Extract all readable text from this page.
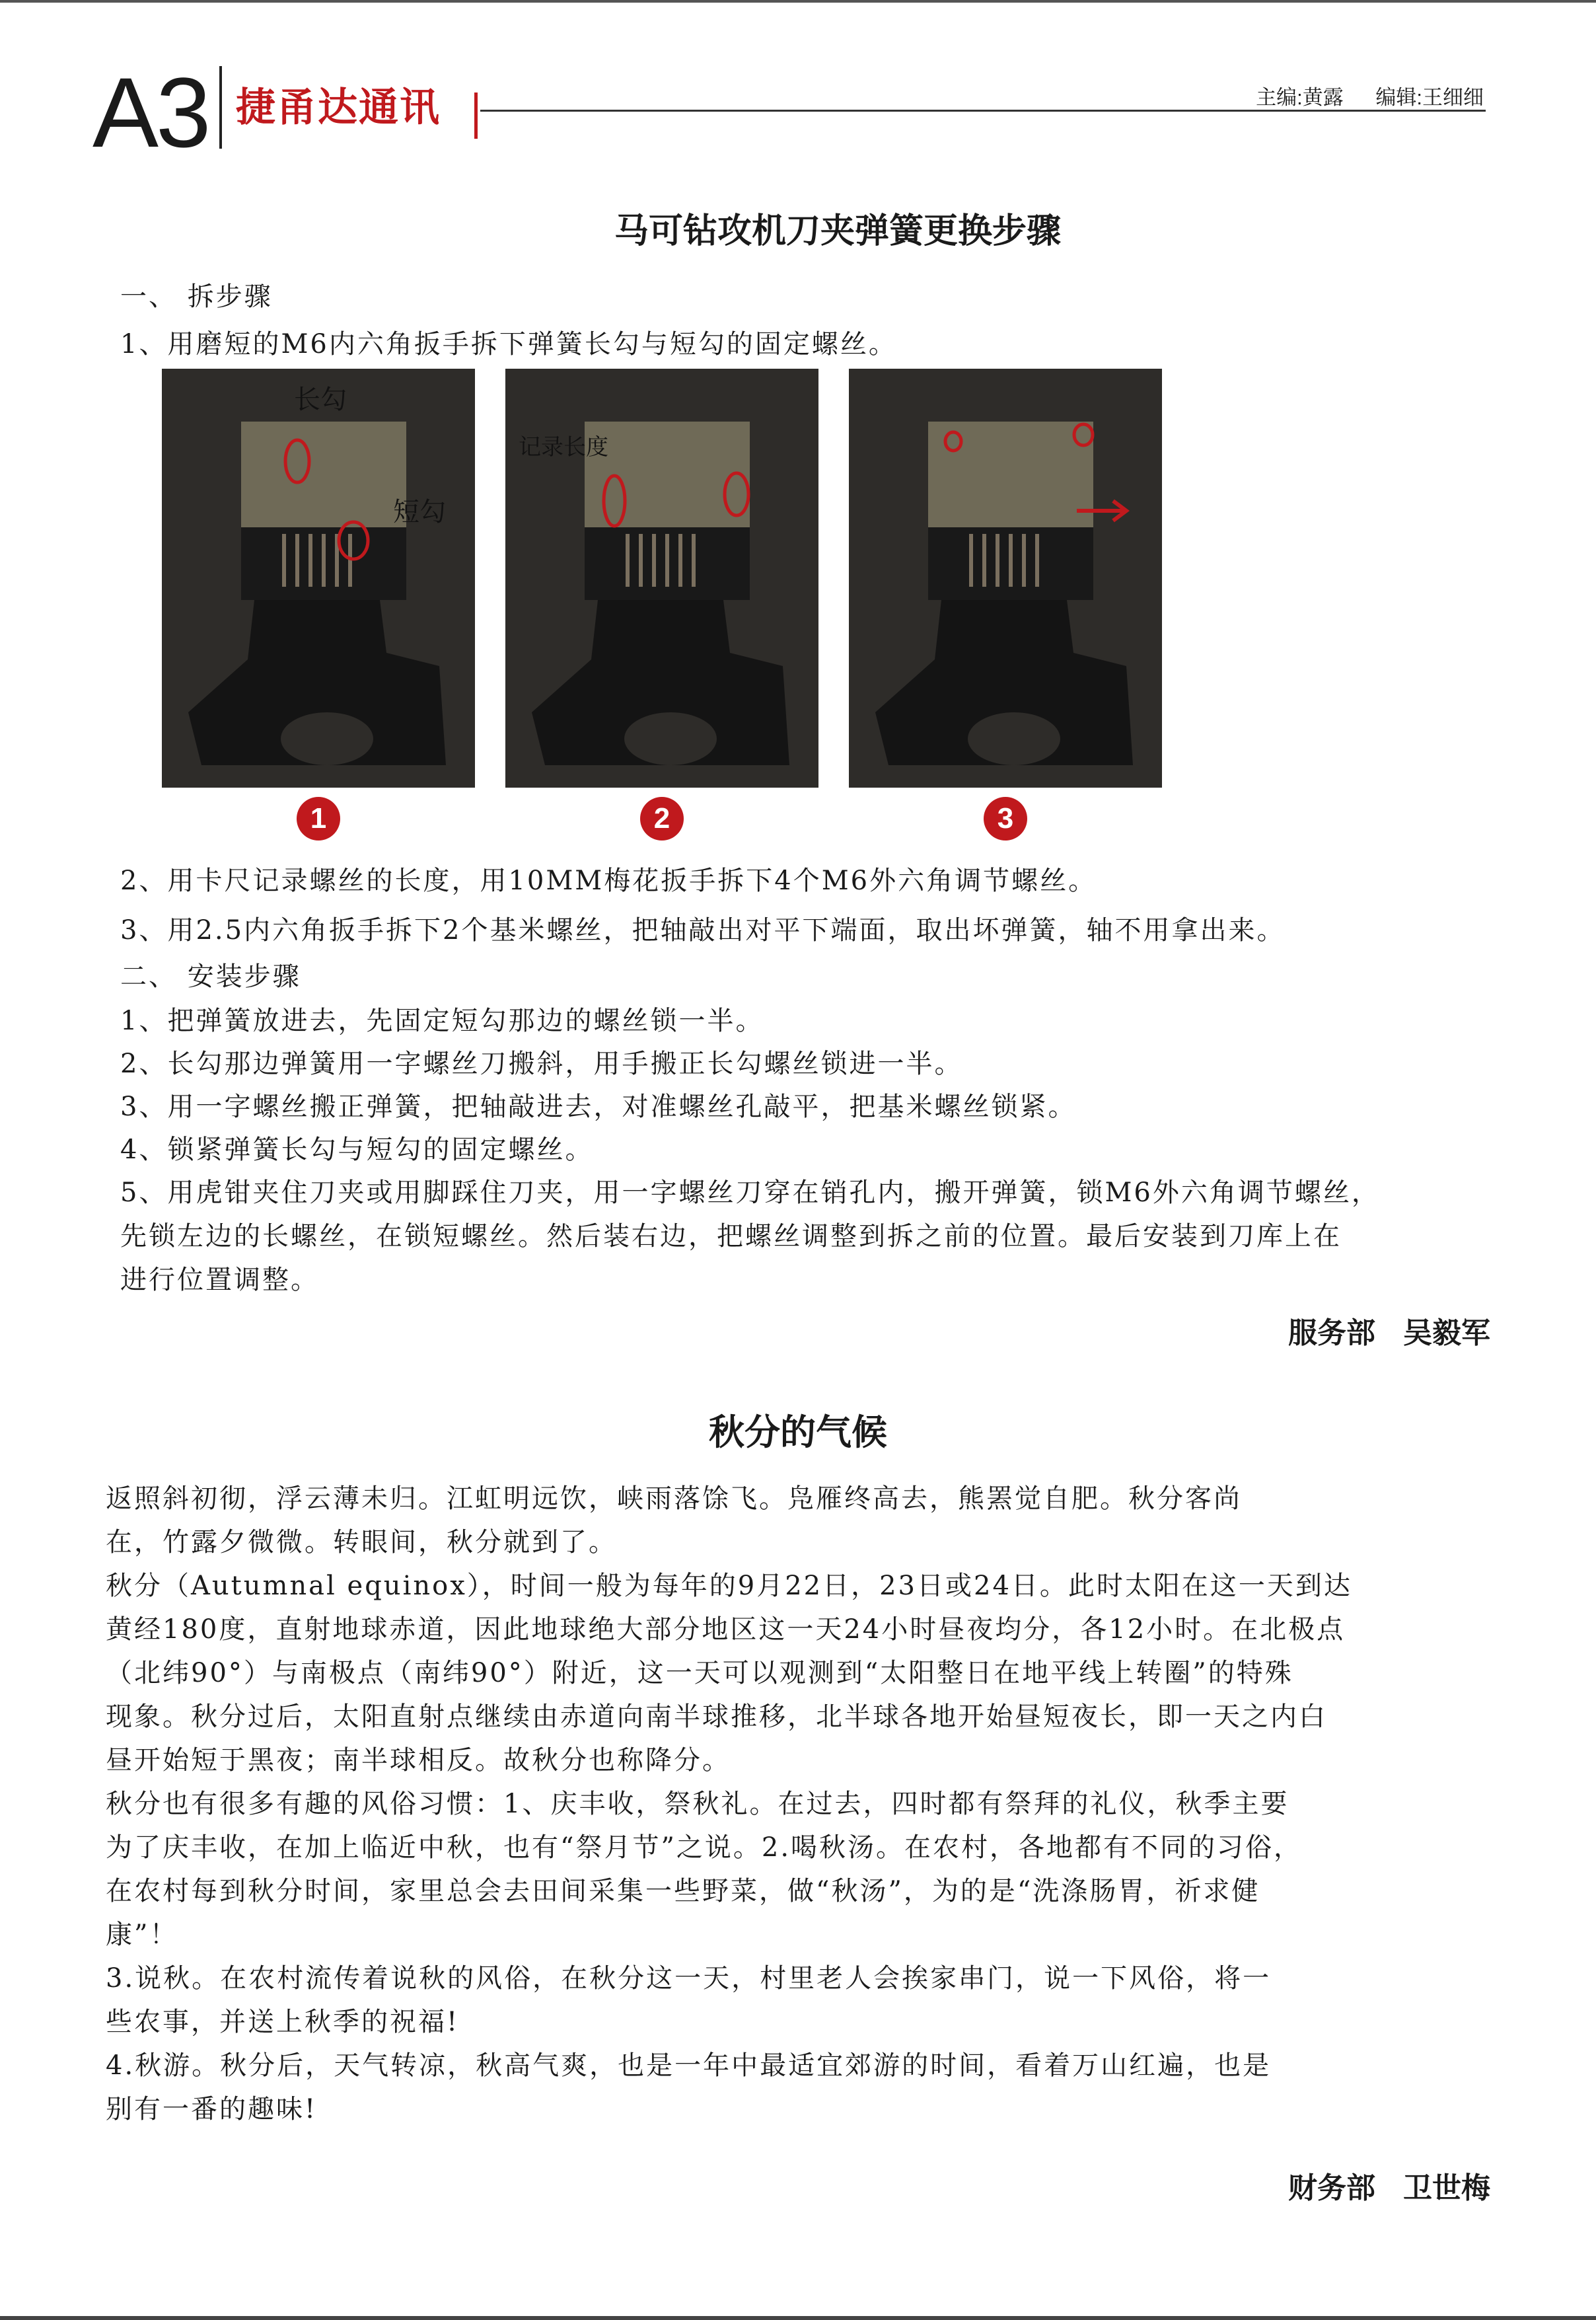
A3 捷甬达通讯	主编:黄露 编辑:王细细
马可钻攻机刀夹弹簧更换步骤
一、 拆步骤
1、用磨短的M6内六角扳手拆下弹簧长勾与短勾的固定螺丝。
长勾
短勾
记录长度
1	2	3
2、用卡尺记录螺丝的长度，用10MM梅花扳手拆下4个M6外六角调节螺丝。
3、用2.5内六角扳手拆下2个基米螺丝，把轴敲出对平下端面，取出坏弹簧，轴不用拿出来。
二、 安装步骤
1、把弹簧放进去，先固定短勾那边的螺丝锁一半。
2、长勾那边弹簧用一字螺丝刀搬斜，用手搬正长勾螺丝锁进一半。
3、用一字螺丝搬正弹簧，把轴敲进去，对准螺丝孔敲平，把基米螺丝锁紧。
4、锁紧弹簧长勾与短勾的固定螺丝。
5、用虎钳夹住刀夹或用脚踩住刀夹，用一字螺丝刀穿在销孔内，搬开弹簧，锁M6外六角调节螺丝，
先锁左边的长螺丝，在锁短螺丝。然后装右边，把螺丝调整到拆之前的位置。最后安装到刀库上在
进行位置调整。
服务部 吴毅军
秋分的气候

返照斜初彻，浮云薄未归。江虹明远饮，峡雨落馀飞。凫雁终高去，熊罴觉自肥。秋分客尚

在，竹露夕微微。转眼间，秋分就到了。

秋分（Autumnal equinox），时间一般为每年的9月22日，23日或24日。此时太阳在这一天到达

黄经180度，直射地球赤道，因此地球绝大部分地区这一天24小时昼夜均分，各12小时。在北极点

（北纬90°）与南极点（南纬90°）附近，这一天可以观测到“太阳整日在地平线上转圈”的特殊

现象。秋分过后，太阳直射点继续由赤道向南半球推移，北半球各地开始昼短夜长，即一天之内白

昼开始短于黑夜；南半球相反。故秋分也称降分。

秋分也有很多有趣的风俗习惯：1、庆丰收，祭秋礼。在过去，四时都有祭拜的礼仪，秋季主要

为了庆丰收，在加上临近中秋，也有“祭月节”之说。2.喝秋汤。在农村，各地都有不同的习俗，

在农村每到秋分时间，家里总会去田间采集一些野菜，做“秋汤”，为的是“洗涤肠胃，祈求健

康”！

3.说秋。在农村流传着说秋的风俗，在秋分这一天，村里老人会挨家串门，说一下风俗，将一

些农事，并送上秋季的祝福!

4.秋游。秋分后，天气转凉，秋高气爽，也是一年中最适宜郊游的时间，看着万山红遍，也是

别有一番的趣味!

财务部 卫世梅
